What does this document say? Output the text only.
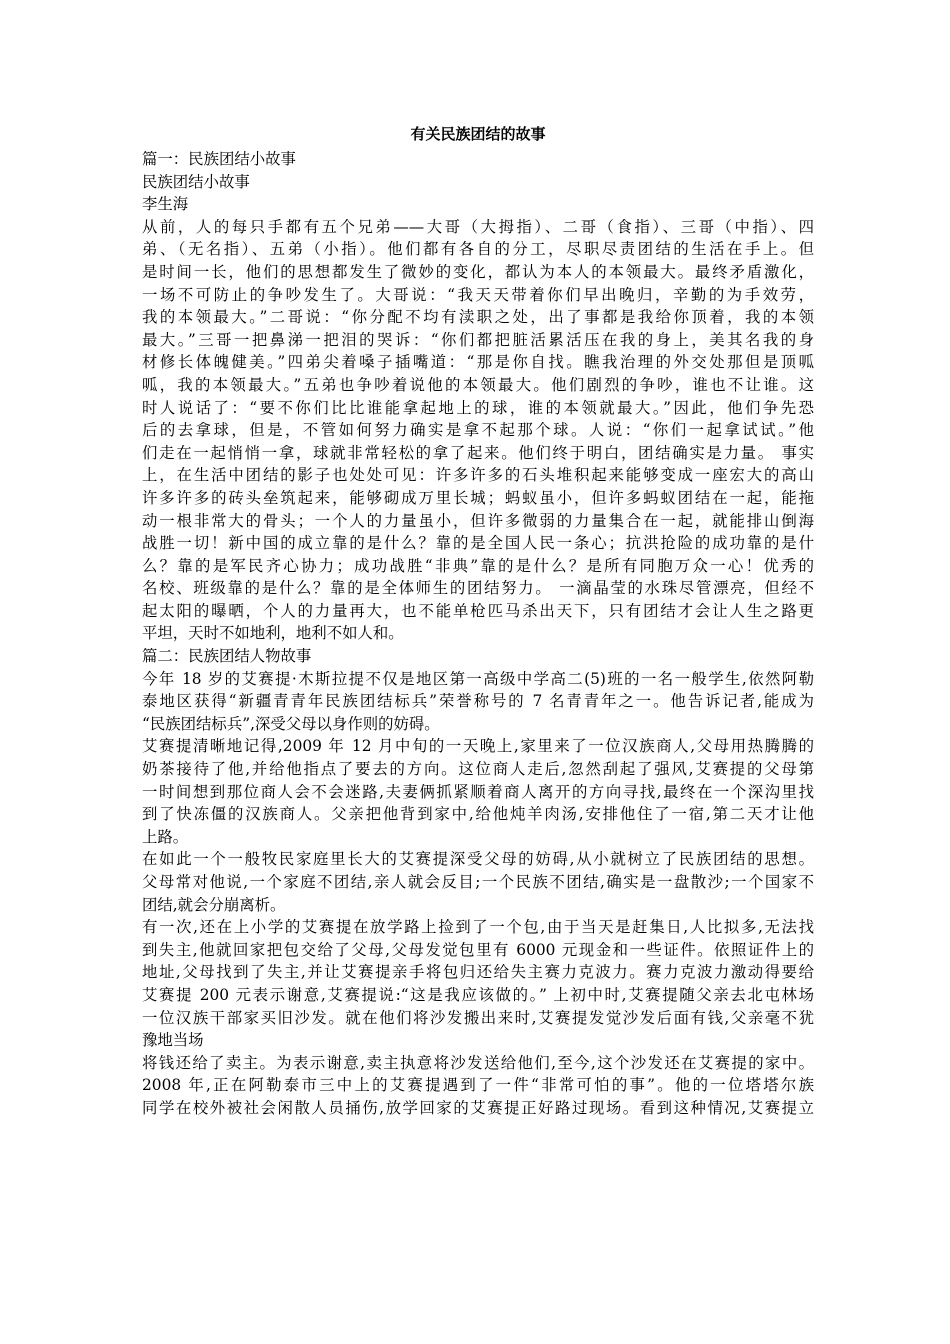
有关民族团结的故事

篇一：民族团结小故事

民族团结小故事

李生海

从前，人的每只手都有五个兄弟——大哥（大拇指）、二哥（食指）、三哥（中指）、四

弟、（无名指）、五弟（小指）。他们都有各自的分工，尽职尽责团结的生活在手上。但

是时间一长，他们的思想都发生了微妙的变化，都认为本人的本领最大。最终矛盾激化，

一场不可防止的争吵发生了。大哥说：“我天天带着你们早出晚归，辛勤的为手效劳，

我的本领最大。”二哥说：“你分配不均有渎职之处，出了事都是我给你顶着，我的本领

最大。”三哥一把鼻涕一把泪的哭诉：“你们都把脏活累活压在我的身上，美其名我的身

材修长体魄健美。”四弟尖着嗓子插嘴道：“那是你自找。瞧我治理的外交处那但是顶呱

呱，我的本领最大。”五弟也争吵着说他的本领最大。他们剧烈的争吵，谁也不让谁。这

时人说话了：“要不你们比比谁能拿起地上的球，谁的本领就最大。”因此，他们争先恐

后的去拿球，但是，不管如何努力确实是拿不起那个球。人说：“你们一起拿试试。”他

们走在一起悄悄一拿，球就非常轻松的拿了起来。他们终于明白，团结确实是力量。 事实

上，在生活中团结的影子也处处可见：许多许多的石头堆积起来能够变成一座宏大的高山

许多许多的砖头垒筑起来，能够砌成万里长城；蚂蚁虽小，但许多蚂蚁团结在一起，能拖

动一根非常大的骨头；一个人的力量虽小，但许多微弱的力量集合在一起，就能排山倒海

战胜一切！新中国的成立靠的是什么？靠的是全国人民一条心；抗洪抢险的成功靠的是什

么？靠的是军民齐心协力；成功战胜“非典”靠的是什么？是所有同胞万众一心！优秀的

名校、班级靠的是什么？靠的是全体师生的团结努力。 一滴晶莹的水珠尽管漂亮，但经不

起太阳的曝晒，个人的力量再大，也不能单枪匹马杀出天下，只有团结才会让人生之路更

平坦，天时不如地利，地利不如人和。

篇二：民族团结人物故事

今年 18 岁的艾赛提·木斯拉提不仅是地区第一高级中学高二(5)班的一名一般学生,依然阿勒

泰地区获得“新疆青青年民族团结标兵”荣誉称号的 7 名青青年之一。他告诉记者,能成为

“民族团结标兵”,深受父母以身作则的妨碍。

艾赛提清晰地记得,2009 年 12 月中旬的一天晚上,家里来了一位汉族商人,父母用热腾腾的

奶茶接待了他,并给他指点了要去的方向。这位商人走后,忽然刮起了强风,艾赛提的父母第

一时间想到那位商人会不会迷路,夫妻俩抓紧顺着商人离开的方向寻找,最终在一个深沟里找

到了快冻僵的汉族商人。父亲把他背到家中,给他炖羊肉汤,安排他住了一宿,第二天才让他

上路。

在如此一个一般牧民家庭里长大的艾赛提深受父母的妨碍,从小就树立了民族团结的思想。

父母常对他说,一个家庭不团结,亲人就会反目;一个民族不团结,确实是一盘散沙;一个国家不

团结,就会分崩离析。

有一次,还在上小学的艾赛提在放学路上捡到了一个包,由于当天是赶集日,人比拟多,无法找

到失主,他就回家把包交给了父母,父母发觉包里有 6000 元现金和一些证件。依照证件上的

地址,父母找到了失主,并让艾赛提亲手将包归还给失主赛力克波力。赛力克波力激动得要给

艾赛提 200 元表示谢意,艾赛提说:“这是我应该做的。” 上初中时,艾赛提随父亲去北屯林场

一位汉族干部家买旧沙发。就在他们将沙发搬出来时,艾赛提发觉沙发后面有钱,父亲毫不犹

豫地当场

将钱还给了卖主。为表示谢意,卖主执意将沙发送给他们,至今,这个沙发还在艾赛提的家中。

2008 年,正在阿勒泰市三中上的艾赛提遇到了一件“非常可怕的事”。他的一位塔塔尔族

同学在校外被社会闲散人员捅伤,放学回家的艾赛提正好路过现场。看到这种情况,艾赛提立
